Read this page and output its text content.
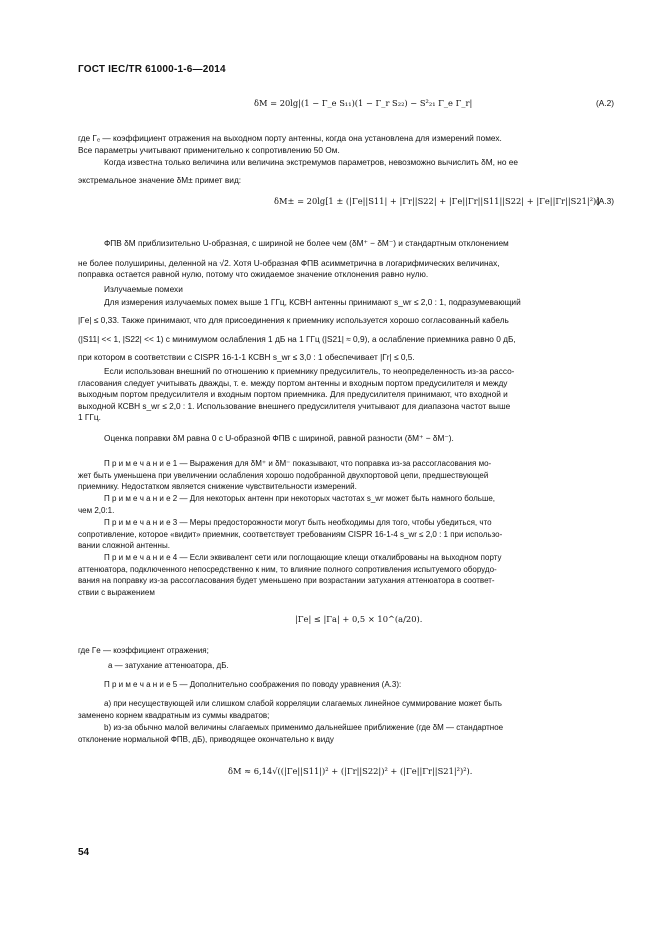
ГОСТ IEC/TR 61000-1-6—2014
δM = 20lg|(1 − Γ_e S₁₁)(1 − Γ_r S₂₂) − S²₂₁ Γ_e Γ_r|	(A.2)

где Γₑ — коэффициент отражения на выходном порту антенны, когда она установлена для измерений помех.

Все параметры учитывают применительно к сопротивлению 50 Ом.

Когда известна только величина или величина экстремумов параметров, невозможно вычислить δM, но ее

экстремальное значение δM± примет вид:

δM± = 20lg[1 ± (|Γe||S11| + |Γr||S22| + |Γe||Γr||S11||S22| + |Γe||Γr||S21|²)]
(A.3)

ФПВ δM приблизительно U-образная, с шириной не более чем (δM⁺ − δM⁻) и стандартным отклонением

не более полуширины, деленной на √2. Хотя U-образная ФПВ асимметрична в логарифмических величинах,

поправка остается равной нулю, потому что ожидаемое значение отклонения равно нулю.

Излучаемые помехи

Для измерения излучаемых помех выше 1 ГГц, КСВН антенны принимают s_wr ≤ 2,0 : 1, подразумевающий

|Γe| ≤ 0,33. Также принимают, что для присоединения к приемнику используется хорошо согласованный кабель

(|S11| << 1, |S22| << 1) с минимумом ослабления 1 дБ на 1 ГГц (|S21| ≈ 0,9), а ослабление приемника равно 0 дБ,

при котором в соответствии с CISPR 16-1-1 КСВН s_wr ≤ 3,0 : 1 обеспечивает |Γr| ≤ 0,5.

Если использован внешний по отношению к приемнику предусилитель, то неопределенность из-за рассо-

гласования следует учитывать дважды, т. е. между портом антенны и входным портом предусилителя и между

выходным портом предусилителя и входным портом приемника. Для предусилителя принимают, что входной и

выходной КСВН s_wr ≤ 2,0 : 1. Использование внешнего предусилителя учитывают для диапазона частот выше

1 ГГц.

Оценка поправки δM равна 0 с U-образной ФПВ с шириной, равной разности (δM⁺ − δM⁻).

П р и м е ч а н и е 1 — Выражения для δM⁺ и δM⁻ показывают, что поправка из-за рассогласования мо-

жет быть уменьшена при увеличении ослабления хорошо подобранной двухпортовой цепи, предшествующей

приемнику. Недостатком является снижение чувствительности измерений.

П р и м е ч а н и е 2 — Для некоторых антенн при некоторых частотах s_wr может быть намного больше,

чем 2,0:1.

П р и м е ч а н и е 3 — Меры предосторожности могут быть необходимы для того, чтобы убедиться, что

сопротивление, которое «видит» приемник, соответствует требованиям CISPR 16-1-4 s_wr ≤ 2,0 : 1 при использо-

вании сложной антенны.

П р и м е ч а н и е 4 — Если эквивалент сети или поглощающие клещи откалиброваны на выходном порту

аттенюатора, подключенного непосредственно к ним, то влияние полного сопротивления испытуемого оборудо-

вания на поправку из-за рассогласования будет уменьшено при возрастании затухания аттенюатора в соответ-

ствии с выражением

|Γe| ≤ |Γa| + 0,5 × 10^(a/20).

где Γe — коэффициент отражения;

a — затухание аттенюатора, дБ.

П р и м е ч а н и е 5 — Дополнительно соображения по поводу уравнения (A.3):

a) при несуществующей или слишком слабой корреляции слагаемых линейное суммирование может быть

заменено корнем квадратным из суммы квадратов;

b) из-за обычно малой величины слагаемых применимо дальнейшее приближение (где δM — стандартное

отклонение нормальной ФПВ, дБ), приводящее окончательно к виду

δM ≈ 6,14√((|Γe||S11|)² + (|Γr||S22|)² + (|Γe||Γr||S21|²)²).
54
